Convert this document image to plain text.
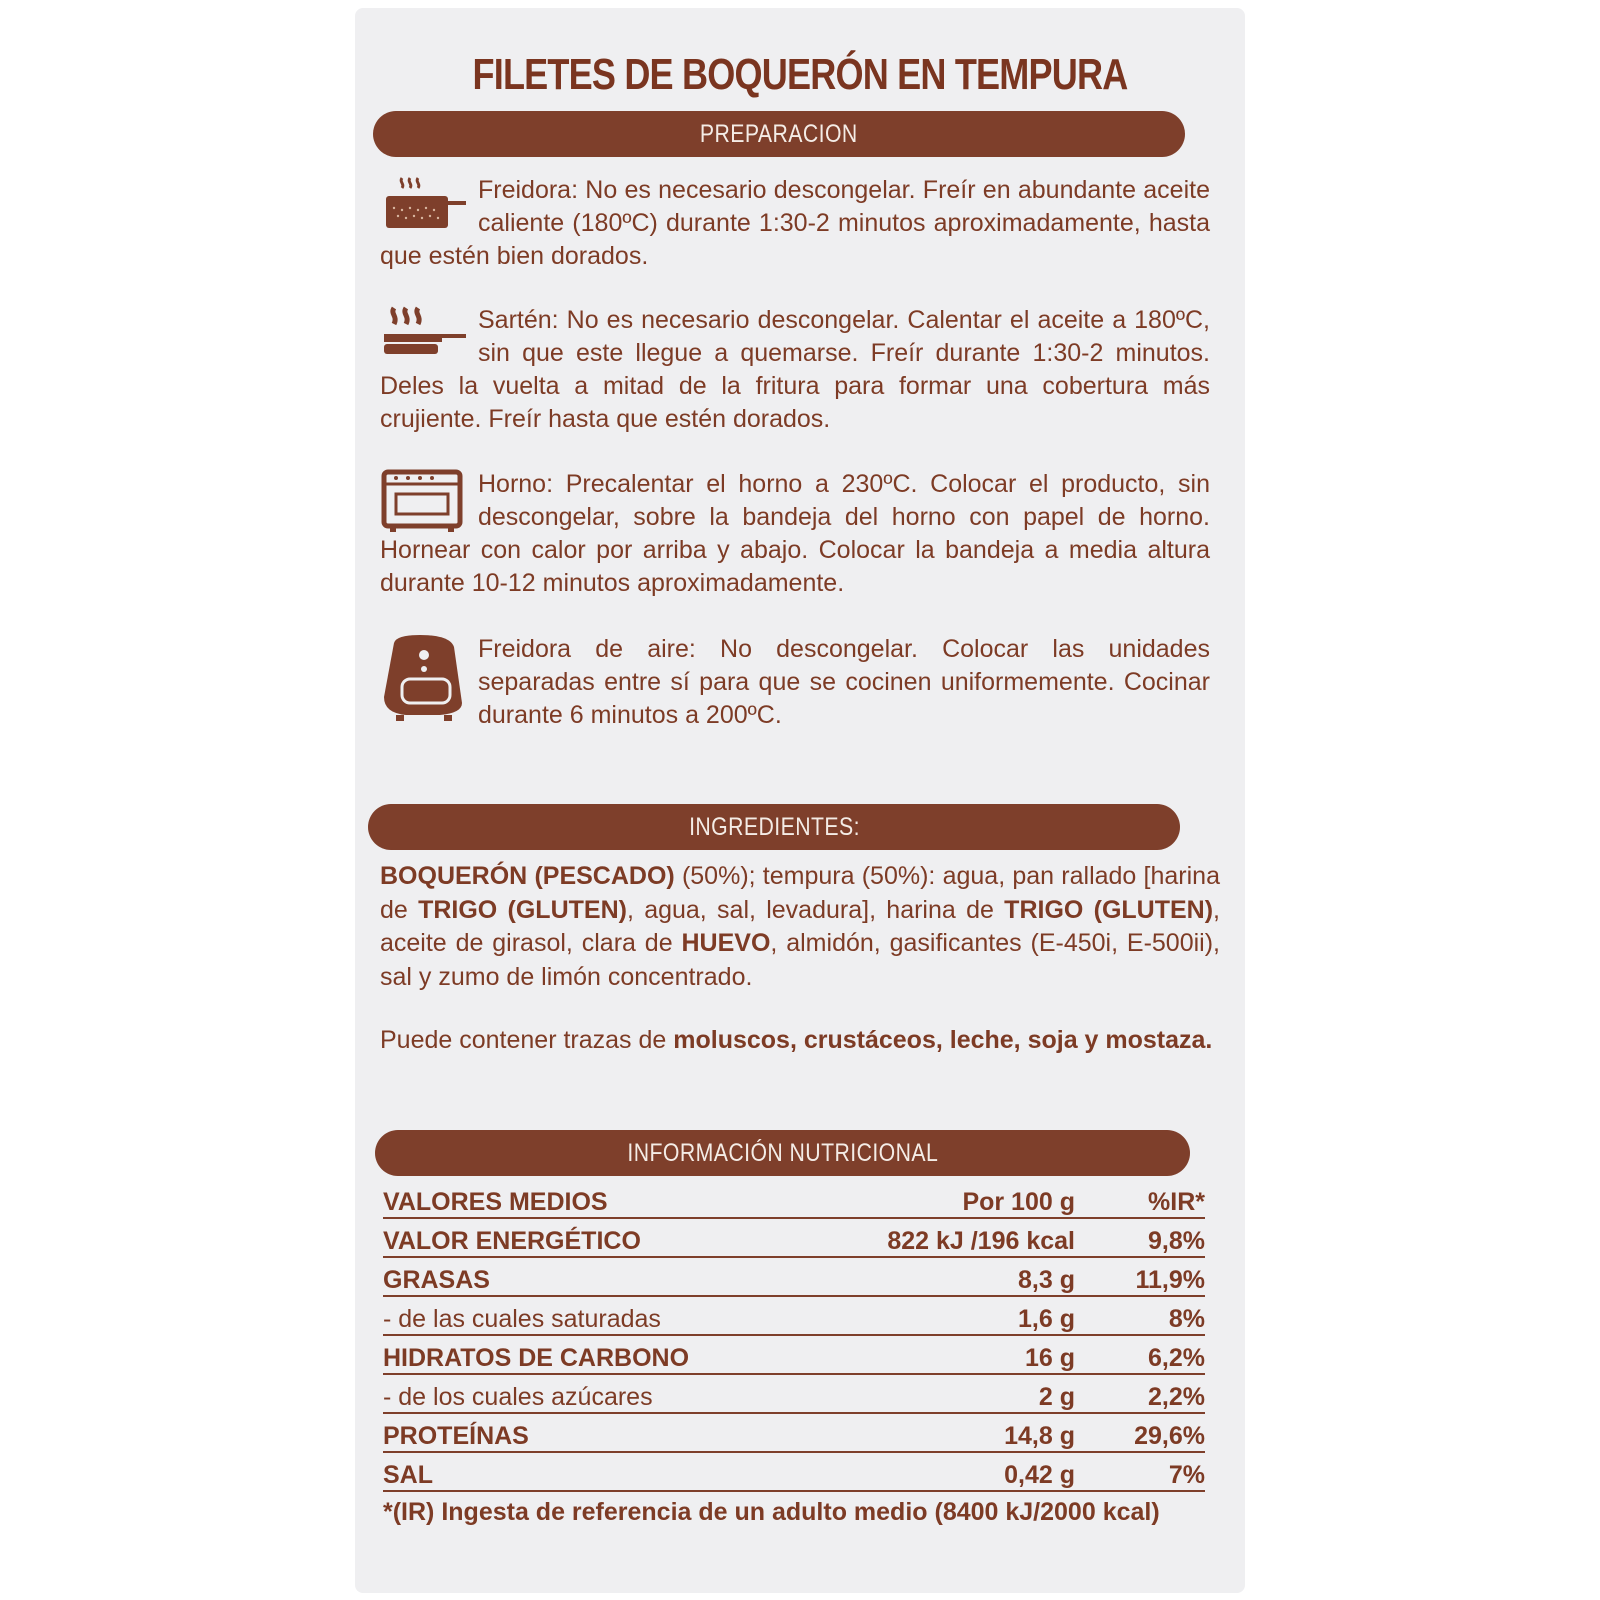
FILETES DE BOQUERÓN EN TEMPURA
PREPARACION
Freidora: No es necesario descongelar. Freír en abundante aceite caliente (180ºC) durante 1:30-2 minutos aproximadamente, hasta que estén bien dorados.
Sartén: No es necesario descongelar. Calentar el aceite a 180ºC, sin que este llegue a quemarse. Freír durante 1:30-2 minutos. Deles la vuelta a mitad de la fritura para formar una cobertura más crujiente. Freír hasta que estén dorados.
Horno: Precalentar el horno a 230ºC. Colocar el producto, sin descongelar, sobre la bandeja del horno con papel de horno. Hornear con calor por arriba y abajo. Colocar la bandeja a media altura durante 10-12 minutos aproximadamente.
Freidora de aire: No descongelar. Colocar las unidades separadas entre sí para que se cocinen uniformemente. Cocinar durante 6 minutos a 200ºC.
INGREDIENTES:

BOQUERÓN (PESCADO) (50%); tempura (50%): agua, pan rallado [harina de TRIGO (GLUTEN), agua, sal, levadura], harina de TRIGO (GLUTEN), aceite de girasol, clara de HUEVO, almidón, gasificantes (E-450i, E-500ii), sal y zumo de limón concentrado.

Puede contener trazas de moluscos, crustáceos, leche, soja y mostaza.

INFORMACIÓN NUTRICIONAL
VALORES MEDIOS	Por 100 g	%IR*
VALOR ENERGÉTICO	822 kJ /196 kcal	9,8%
GRASAS	8,3 g	11,9%
- de las cuales saturadas	1,6 g	8%
HIDRATOS DE CARBONO	16 g	6,2%
- de los cuales azúcares	2 g	2,2%
PROTEÍNAS	14,8 g	29,6%
SAL	0,42 g	7%

*(IR) Ingesta de referencia de un adulto medio (8400 kJ/2000 kcal)
